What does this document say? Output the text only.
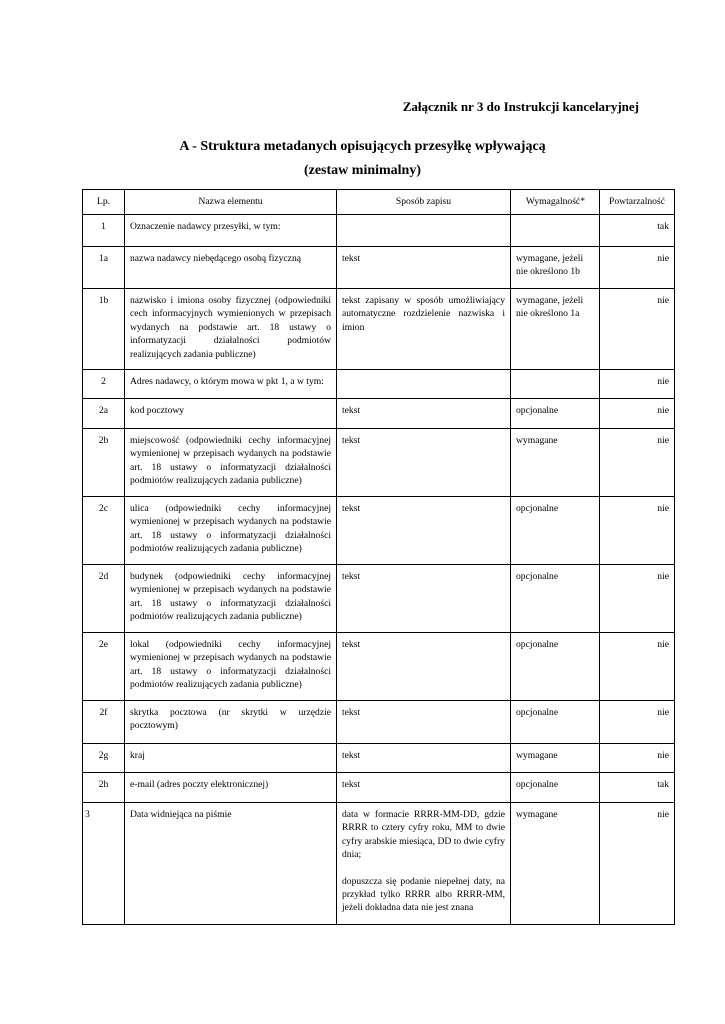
Załącznik nr 3 do Instrukcji kancelaryjnej
A - Struktura metadanych opisujących przesyłkę wpływającą
(zestaw minimalny)
Lp.	Nazwa elementu	Sposób zapisu	Wymagalność*	Powtarzalność
1	Oznaczenie nadawcy przesyłki, w tym:			tak
1a	nazwa nadawcy niebędącego osobą fizyczną	tekst	wymagane, jeżeli nie określono 1b	nie
1b	nazwisko i imiona osoby fizycznej (odpowiedniki cech informacyjnych wymienionych w przepisach wydanych na podstawie art. 18 ustawy o informatyzacji działalności podmiotów realizujących zadania publiczne)	tekst zapisany w sposób umożliwiający automatyczne rozdzielenie nazwiska i imion	wymagane, jeżeli nie określono 1a	nie
2	Adres nadawcy, o którym mowa w pkt 1, a w tym:			nie
2a	kod pocztowy	tekst	opcjonalne	nie
2b	miejscowość (odpowiedniki cechy informacyjnej wymienionej w przepisach wydanych na podstawie art. 18 ustawy o informatyzacji działalności podmiotów realizujących zadania publiczne)	tekst	wymagane	nie
2c	ulica (odpowiedniki cechy informacyjnej wymienionej w przepisach wydanych na podstawie art. 18 ustawy o informatyzacji działalności podmiotów realizujących zadania publiczne)	tekst	opcjonalne	nie
2d	budynek (odpowiedniki cechy informacyjnej wymienionej w przepisach wydanych na podstawie art. 18 ustawy o informatyzacji działalności podmiotów realizujących zadania publiczne)	tekst	opcjonalne	nie
2e	lokal (odpowiedniki cechy informacyjnej wymienionej w przepisach wydanych na podstawie art. 18 ustawy o informatyzacji działalności podmiotów realizujących zadania publiczne)	tekst	opcjonalne	nie
2f	skrytka pocztowa (nr skrytki w urzędzie pocztowym)	tekst	opcjonalne	nie
2g	kraj	tekst	wymagane	nie
2h	e-mail (adres poczty elektronicznej)	tekst	opcjonalne	tak
3	Data widniejąca na piśmie	data w formacie RRRR-MM-DD, gdzie RRRR to cztery cyfry roku, MM to dwie cyfry arabskie miesiąca, DD to dwie cyfry dnia;
dopuszcza się podanie niepełnej daty, na przykład tylko RRRR albo RRRR-MM, jeżeli dokładna data nie jest znana	wymagane	nie
